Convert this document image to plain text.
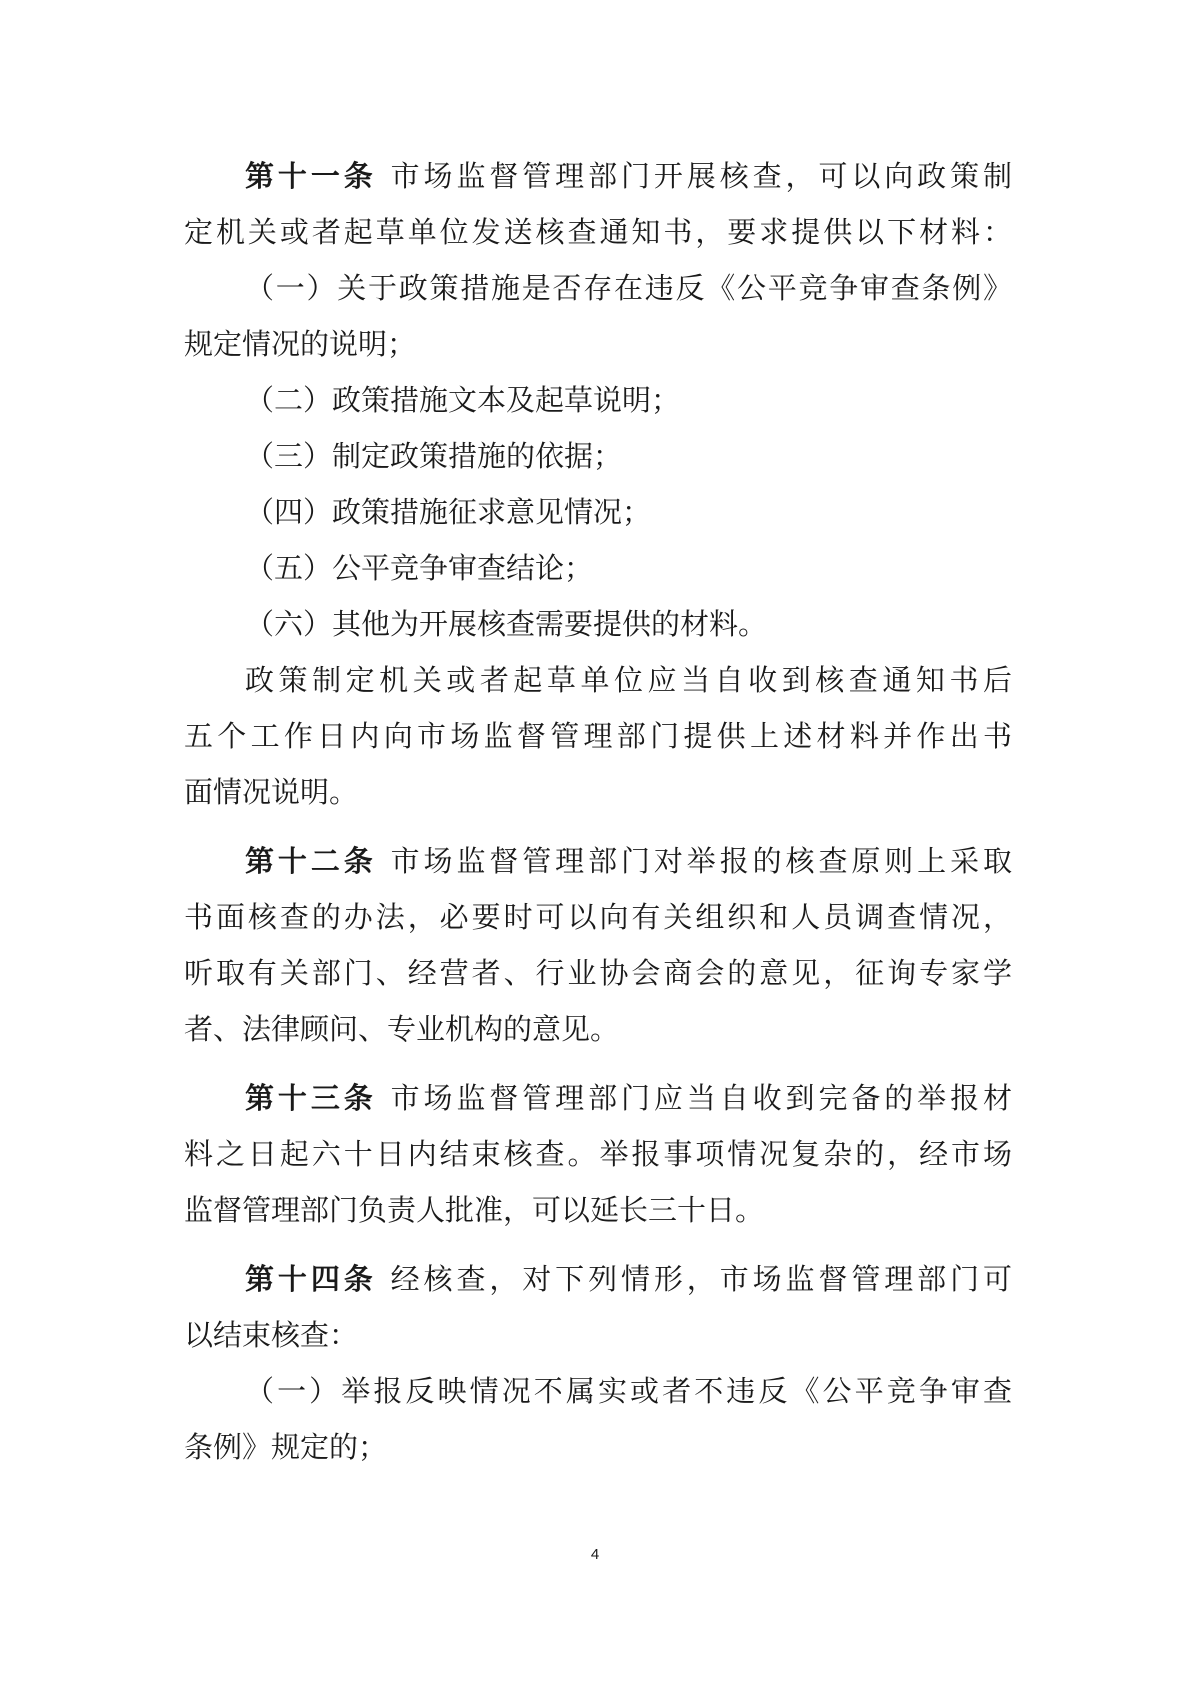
第十一条 市场监督管理部门开展核查，可以向政策制
定机关或者起草单位发送核查通知书，要求提供以下材料：
（一）关于政策措施是否存在违反《公平竞争审查条例》
规定情况的说明；
（二）政策措施文本及起草说明；
（三）制定政策措施的依据；
（四）政策措施征求意见情况；
（五）公平竞争审查结论；
（六）其他为开展核查需要提供的材料。
政策制定机关或者起草单位应当自收到核查通知书后
五个工作日内向市场监督管理部门提供上述材料并作出书
面情况说明。
第十二条 市场监督管理部门对举报的核查原则上采取
书面核查的办法，必要时可以向有关组织和人员调查情况，
听取有关部门、经营者、行业协会商会的意见，征询专家学
者、法律顾问、专业机构的意见。
第十三条 市场监督管理部门应当自收到完备的举报材
料之日起六十日内结束核查。举报事项情况复杂的，经市场
监督管理部门负责人批准，可以延长三十日。
第十四条 经核查，对下列情形，市场监督管理部门可
以结束核查：
（一）举报反映情况不属实或者不违反《公平竞争审查
条例》规定的；
4
